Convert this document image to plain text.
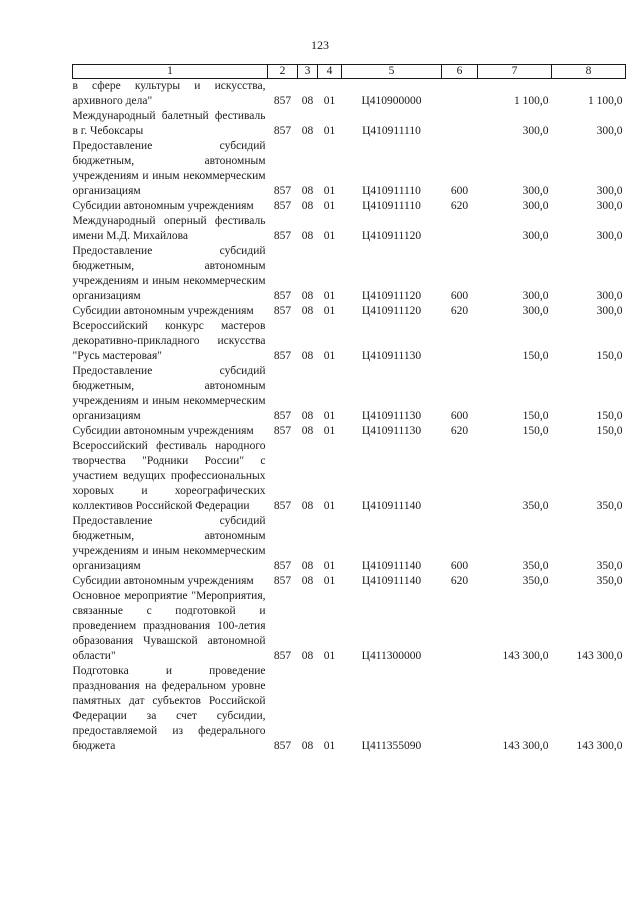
123
1	2	3	4	5	6	7	8
в сфере культуры и искусства, архивного дела"	857	08	01	Ц410900000		1 100,0	1 100,0
Международный балетный фестиваль в г. Чебоксары	857	08	01	Ц410911110		300,0	300,0
Предоставление субсидий бюджетным, автономным учреждениям и иным некоммерческим организациям	857	08	01	Ц410911110	600	300,0	300,0
Субсидии автономным учреждениям	857	08	01	Ц410911110	620	300,0	300,0
Международный оперный фестиваль имени М.Д. Михайлова	857	08	01	Ц410911120		300,0	300,0
Предоставление субсидий бюджетным, автономным учреждениям и иным некоммерческим организациям	857	08	01	Ц410911120	600	300,0	300,0
Субсидии автономным учреждениям	857	08	01	Ц410911120	620	300,0	300,0
Всероссийский конкурс мастеров декоративно-прикладного искусства "Русь мастеровая"	857	08	01	Ц410911130		150,0	150,0
Предоставление субсидий бюджетным, автономным учреждениям и иным некоммерческим организациям	857	08	01	Ц410911130	600	150,0	150,0
Субсидии автономным учреждениям	857	08	01	Ц410911130	620	150,0	150,0
Всероссийский фестиваль народного творчества "Родники России" с участием ведущих профессиональных хоровых и хореографических коллективов Российской Федерации	857	08	01	Ц410911140		350,0	350,0
Предоставление субсидий бюджетным, автономным учреждениям и иным некоммерческим организациям	857	08	01	Ц410911140	600	350,0	350,0
Субсидии автономным учреждениям	857	08	01	Ц410911140	620	350,0	350,0
Основное мероприятие "Мероприятия, связанные с подготовкой и проведением празднования 100-летия образования Чувашской автономной области"	857	08	01	Ц411300000		143 300,0	143 300,0
Подготовка и проведение празднования на федеральном уровне памятных дат субъектов Российской Федерации за счет субсидии, предоставляемой из федерального бюджета	857	08	01	Ц411355090		143 300,0	143 300,0
